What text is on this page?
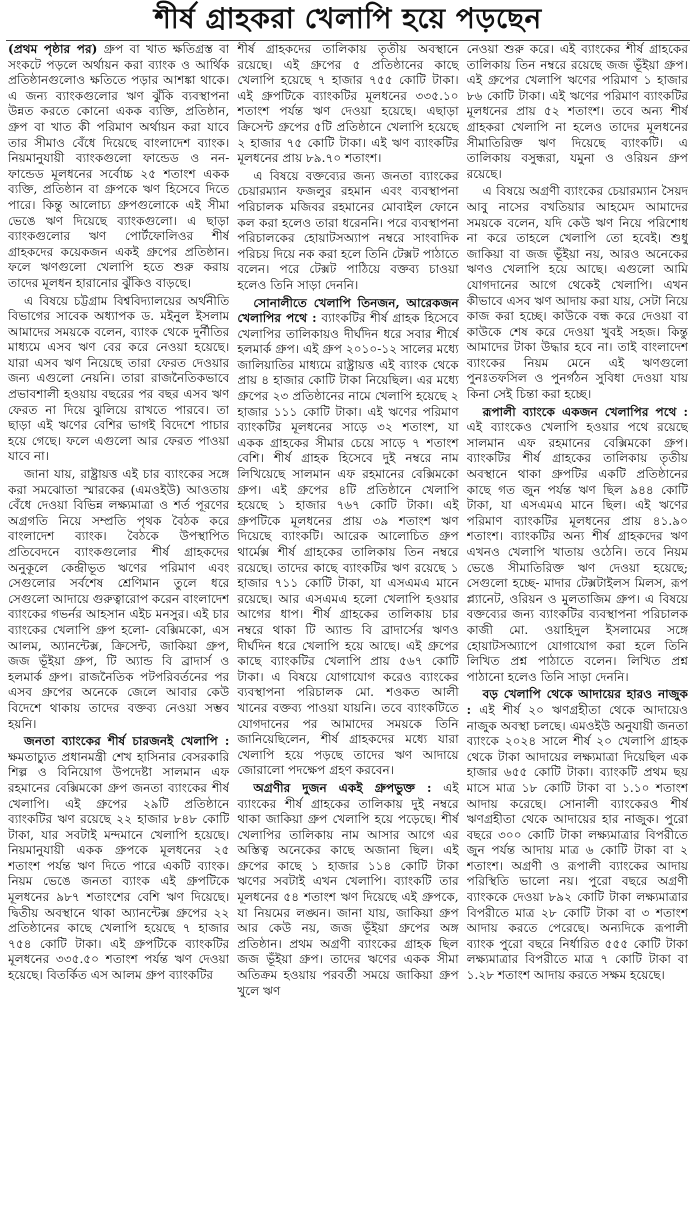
শীর্ষ গ্রাহকরা খেলাপি হয়ে পড়ছেন

(প্রথম পৃষ্ঠার পর) গ্রুপ বা খাত ক্ষতিগ্রস্ত বা সংকটে পড়লে অর্থায়ন করা ব্যাংক ও আর্থিক প্রতিষ্ঠানগুলোও ক্ষতিতে পড়ার আশঙ্কা থাকে। এ জন্য ব্যাংকগুলোর ঋণ ঝুঁকি ব্যবস্থাপনা উন্নত করতে কোনো একক ব্যক্তি, প্রতিষ্ঠান, গ্রুপ বা খাত কী পরিমাণ অর্থায়ন করা যাবে তার সীমাও বেঁধে দিয়েছে বাংলাদেশ ব্যাংক। নিয়মানুযায়ী ব্যাংকগুলো ফান্ডেড ও নন-ফান্ডেড মূলধনের সর্বোচ্চ ২৫ শতাংশ একক ব্যক্তি, প্রতিষ্ঠান বা গ্রুপকে ঋণ হিসেবে দিতে পারে। কিন্তু আলোচ্য গ্রুপগুলোকে এই সীমা ভেঙে ঋণ দিয়েছে ব্যাংকগুলো। এ ছাড়া ব্যাংকগুলোর ঋণ পোর্টফোলিওর শীর্ষ গ্রাহকদের কয়েকজন একই গ্রুপের প্রতিষ্ঠান। ফলে ঋণগুলো খেলাপি হতে শুরু করায় তাদের মূলধন হারানোর ঝুঁকিও বাড়ছে।

এ বিষয়ে চট্টগ্রাম বিশ্ববিদ্যালয়ের অর্থনীতি বিভাগের সাবেক অধ্যাপক ড. মইনুল ইসলাম আমাদের সময়কে বলেন, ব্যাংক থেকে দুর্নীতির মাধ্যমে এসব ঋণ বের করে নেওয়া হয়েছে। যারা এসব ঋণ নিয়েছে তারা ফেরত দেওয়ার জন্য এগুলো নেয়নি। তারা রাজনৈতিকভাবে প্রভাবশালী হওয়ায় বছরের পর বছর এসব ঋণ ফেরত না দিয়ে ঝুলিয়ে রাখতে পারবে। তা ছাড়া এই ঋণের বেশির ভাগই বিদেশে পাচার হয়ে গেছে। ফলে এগুলো আর ফেরত পাওয়া যাবে না।

জানা যায়, রাষ্ট্রায়ত্ত এই চার ব্যাংকের সঙ্গে করা সমঝোতা স্মারকের (এমওইউ) আওতায় বেঁধে দেওয়া বিভিন্ন লক্ষ্যমাত্রা ও শর্ত পূরণের অগ্রগতি নিয়ে সম্প্রতি পৃথক বৈঠক করে বাংলাদেশ ব্যাংক। বৈঠকে উপস্থাপিত প্রতিবেদনে ব্যাংকগুলোর শীর্ষ গ্রাহকদের অনুকূলে কেন্দ্রীভূত ঋণের পরিমাণ এবং সেগুলোর সর্বশেষ শ্রেণিমান তুলে ধরে সেগুলো আদায়ে গুরুত্বারোপ করেন বাংলাদেশ ব্যাংকের গভর্নর আহসান এইচ মনসুর। এই চার ব্যাংকের খেলাপি গ্রুপ হলো- বেক্সিমকো, এস আলম, অ্যানন্টেক্স, ক্রিসেন্ট, জাকিয়া গ্রুপ, জজ ভূঁইয়া গ্রুপ, টি অ্যান্ড বি ব্রাদার্স ও হলমার্ক গ্রুপ। রাজনৈতিক পটপরিবর্তনের পর এসব গ্রুপের অনেকে জেলে আবার কেউ বিদেশে থাকায় তাদের বক্তব্য নেওয়া সম্ভব হয়নি।

জনতা ব্যাংকের শীর্ষ চারজনই খেলাপি : ক্ষমতাচ্যুত প্রধানমন্ত্রী শেখ হাসিনার বেসরকারি শিল্প ও বিনিয়োগ উপদেষ্টা সালমান এফ রহমানের বেক্সিমকো গ্রুপ জনতা ব্যাংকের শীর্ষ খেলাপি। এই গ্রুপের ২৯টি প্রতিষ্ঠানে ব্যাংকটির ঋণ রয়েছে ২২ হাজার ৮৪৮ কোটি টাকা, যার সবটাই মন্দমানে খেলাপি হয়েছে। নিয়মানুযায়ী একক গ্রুপকে মূলধনের ২৫ শতাংশ পর্যন্ত ঋণ দিতে পারে একটি ব্যাংক। নিয়ম ভেঙে জনতা ব্যাংক এই গ্রুপটিকে মূলধনের ৯৮৭ শতাংশের বেশি ঋণ দিয়েছে। দ্বিতীয় অবস্থানে থাকা অ্যানন্টেক্স গ্রুপের ২২ প্রতিষ্ঠানের কাছে খেলাপি হয়েছে ৭ হাজার ৭৫৪ কোটি টাকা। এই গ্রুপটিকে ব্যাংকটির মূলধনের ৩৩৫.৫০ শতাংশ পর্যন্ত ঋণ দেওয়া হয়েছে। বিতর্কিত এস আলম গ্রুপ ব্যাংকটির

শীর্ষ গ্রাহকদের তালিকায় তৃতীয় অবস্থানে রয়েছে। এই গ্রুপের ৫ প্রতিষ্ঠানের কাছে খেলাপি হয়েছে ৭ হাজার ৭৫৫ কোটি টাকা। এই গ্রুপটিকে ব্যাংকটির মূলধনের ৩৩৫.১০ শতাংশ পর্যন্ত ঋণ দেওয়া হয়েছে। এছাড়া ক্রিসেন্ট গ্রুপের ৫টি প্রতিষ্ঠানে খেলাপি হয়েছে ২ হাজার ৭৫ কোটি টাকা। এই ঋণ ব্যাংকটির মূলধনের প্রায় ৮৯.৭০ শতাংশ।

এ বিষয়ে বক্তব্যের জন্য জনতা ব্যাংকের চেয়ারম্যান ফজলুর রহমান এবং ব্যবস্থাপনা পরিচালক মজিবর রহমানের মোবাইল ফোনে কল করা হলেও তারা ধরেননি। পরে ব্যবস্থাপনা পরিচালকের হোয়াটসঅ্যাপ নম্বরে সাংবাদিক পরিচয় দিয়ে নক করা হলে তিনি টেক্সট পাঠাতে বলেন। পরে টেক্সট পাঠিয়ে বক্তব্য চাওয়া হলেও তিনি সাড়া দেননি।

সোনালীতে খেলাপি তিনজন, আরেকজন খেলাপির পথে : ব্যাংকটির শীর্ষ গ্রাহক হিসেবে খেলাপির তালিকায়ও দীর্ঘদিন ধরে সবার শীর্ষে হলমার্ক গ্রুপ। এই গ্রুপ ২০১০-১২ সালের মধ্যে জালিয়াতির মাধ্যমে রাষ্ট্রায়ত্ত এই ব্যাংক থেকে প্রায় ৪ হাজার কোটি টাকা নিয়েছিল। এর মধ্যে গ্রুপের ২৩ প্রতিষ্ঠানের নামে খেলাপি হয়েছে ২ হাজার ১১১ কোটি টাকা। এই ঋণের পরিমাণ ব্যাংকটির মূলধনের সাড়ে ৩২ শতাংশ, যা একক গ্রাহকের সীমার চেয়ে সাড়ে ৭ শতাংশ বেশি। শীর্ষ গ্রাহক হিসেবে দুই নম্বরে নাম লিখিয়েছে সালমান এফ রহমানের বেক্সিমকো গ্রুপ। এই গ্রুপের ৪টি প্রতিষ্ঠানে খেলাপি হয়েছে ১ হাজার ৭৬৭ কোটি টাকা। এই গ্রুপটিকে মূলধনের প্রায় ৩৯ শতাংশ ঋণ দিয়েছে ব্যাংকটি। আরেক আলোচিত গ্রুপ থার্মেক্স শীর্ষ গ্রাহকের তালিকায় তিন নম্বরে রয়েছে। তাদের কাছে ব্যাংকটির ঋণ রয়েছে ১ হাজার ৭১১ কোটি টাকা, যা এসএমএ মানে রয়েছে। আর এসএমএ হলো খেলাপি হওয়ার আগের ধাপ। শীর্ষ গ্রাহকের তালিকায় চার নম্বরে থাকা টি অ্যান্ড বি ব্রাদার্সের ঋণও দীর্ঘদিন ধরে খেলাপি হয়ে আছে। এই গ্রুপের কাছে ব্যাংকটির খেলাপি প্রায় ৫৬৭ কোটি টাকা। এ বিষয়ে যোগাযোগ করেও ব্যাংকের ব্যবস্থাপনা পরিচালক মো. শওকত আলী খানের বক্তব্য পাওয়া যায়নি। তবে ব্যাংকটিতে যোগদানের পর আমাদের সময়কে তিনি জানিয়েছিলেন, শীর্ষ গ্রাহকদের মধ্যে যারা খেলাপি হয়ে পড়ছে তাদের ঋণ আদায়ে জোরালো পদক্ষেপ গ্রহণ করবেন।

অগ্রণীর দুজন একই গ্রুপভুক্ত : এই ব্যাংকের শীর্ষ গ্রাহকের তালিকায় দুই নম্বরে থাকা জাকিয়া গ্রুপ খেলাপি হয়ে পড়েছে। শীর্ষ খেলাপির তালিকায় নাম আসার আগে এর অস্তিত্ব অনেকের কাছে অজানা ছিল। এই গ্রুপের কাছে ১ হাজার ১১৪ কোটি টাকা ঋণের সবটাই এখন খেলাপি। ব্যাংকটি তার মূলধনের ৫৪ শতাংশ ঋণ দিয়েছে এই গ্রুপকে, যা নিয়মের লঙ্ঘন। জানা যায়, জাকিয়া গ্রুপ আর কেউ নয়, জজ ভূঁইয়া গ্রুপের অঙ্গ প্রতিষ্ঠান। প্রথম অগ্রণী ব্যাংকের গ্রাহক ছিল জজ ভূঁইয়া গ্রুপ। তাদের ঋণের একক সীমা অতিক্রম হওয়ায় পরবর্তী সময়ে জাকিয়া গ্রুপ খুলে ঋণ

নেওয়া শুরু করে। এই ব্যাংকের শীর্ষ গ্রাহকের তালিকায় তিন নম্বরে রয়েছে জজ ভূঁইয়া গ্রুপ। এই গ্রুপের খেলাপি ঋণের পরিমাণ ১ হাজার ৮৬ কোটি টাকা। এই ঋণের পরিমাণ ব্যাংকটির মূলধনের প্রায় ৫২ শতাংশ। তবে অন্য শীর্ষ গ্রাহকরা খেলাপি না হলেও তাদের মূলধনের সীমাতিরিক্ত ঋণ দিয়েছে ব্যাংকটি। এ তালিকায় বসুন্ধরা, যমুনা ও ওরিয়ন গ্রুপ রয়েছে।

এ বিষয়ে অগ্রণী ব্যাংকের চেয়ারম্যান সৈয়দ আবু নাসের বখতিয়ার আহমেদ আমাদের সময়কে বলেন, যদি কেউ ঋণ নিয়ে পরিশোধ না করে তাহলে খেলাপি তো হবেই। শুধু জাকিয়া বা জজ ভূঁইয়া নয়, আরও অনেকের ঋণও খেলাপি হয়ে আছে। এগুলো আমি যোগদানের আগে থেকেই খেলাপি। এখন কীভাবে এসব ঋণ আদায় করা যায়, সেটা নিয়ে কাজ করা হচ্ছে। কাউকে বন্ধ করে দেওয়া বা কাউকে শেষ করে দেওয়া খুবই সহজ। কিন্তু আমাদের টাকা উদ্ধার হবে না। তাই বাংলাদেশ ব্যাংকের নিয়ম মেনে এই ঋণগুলো পুনঃতফসিল ও পুনর্গঠন সুবিধা দেওয়া যায় কিনা সেই চিন্তা করা হচ্ছে।

রূপালী ব্যাংকে একজন খেলাপির পথে : এই ব্যাংকেও খেলাপি হওয়ার পথে রয়েছে সালমান এফ রহমানের বেক্সিমকো গ্রুপ। ব্যাংকটির শীর্ষ গ্রাহকের তালিকায় তৃতীয় অবস্থানে থাকা গ্রুপটির একটি প্রতিষ্ঠানের কাছে গত জুন পর্যন্ত ঋণ ছিল ৯৪৪ কোটি টাকা, যা এসএমএ মানে ছিল। এই ঋণের পরিমাণ ব্যাংকটির মূলধনের প্রায় ৪১.৯০ শতাংশ। ব্যাংকটির অন্য শীর্ষ গ্রাহকদের ঋণ এখনও খেলাপি খাতায় ওঠেনি। তবে নিয়ম ভেঙে সীমাতিরিক্ত ঋণ দেওয়া হয়েছে; সেগুলো হচ্ছে- মাদার টেক্সটাইলস মিলস, রূপ প্ল্যানেট, ওরিয়ন ও মুলতাজিম গ্রুপ। এ বিষয়ে বক্তব্যের জন্য ব্যাংকটির ব্যবস্থাপনা পরিচালক কাজী মো. ওয়াহিদুল ইসলামের সঙ্গে হোয়াটসঅ্যাপে যোগাযোগ করা হলে তিনি লিখিত প্রশ্ন পাঠাতে বলেন। লিখিত প্রশ্ন পাঠানো হলেও তিনি সাড়া দেননি।

বড় খেলাপি থেকে আদায়ের হারও নাজুক : এই শীর্ষ ২০ ঋণগ্রহীতা থেকে আদায়েও নাজুক অবস্থা চলছে। এমওইউ অনুযায়ী জনতা ব্যাংকে ২০২৪ সালে শীর্ষ ২০ খেলাপি গ্রাহক থেকে টাকা আদায়ের লক্ষ্যমাত্রা দিয়েছিল এক হাজার ৬৫৫ কোটি টাকা। ব্যাংকটি প্রথম ছয় মাসে মাত্র ১৮ কোটি টাকা বা ১.১০ শতাংশ আদায় করেছে। সোনালী ব্যাংকেরও শীর্ষ ঋণগ্রহীতা থেকে আদায়ের হার নাজুক। পুরো বছরে ৩০০ কোটি টাকা লক্ষ্যমাত্রার বিপরীতে জুন পর্যন্ত আদায় মাত্র ৬ কোটি টাকা বা ২ শতাংশ। অগ্রণী ও রূপালী ব্যাংকের আদায় পরিস্থিতি ভালো নয়। পুরো বছরে অগ্রণী ব্যাংককে দেওয়া ৮৯২ কোটি টাকা লক্ষ্যমাত্রার বিপরীতে মাত্র ২৮ কোটি টাকা বা ৩ শতাংশ আদায় করতে পেরেছে। অন্যদিকে রূপালী ব্যাংক পুরো বছরে নির্ধারিত ৫৫৫ কোটি টাকা লক্ষ্যমাত্রার বিপরীতে মাত্র ৭ কোটি টাকা বা ১.২৮ শতাংশ আদায় করতে সক্ষম হয়েছে।
